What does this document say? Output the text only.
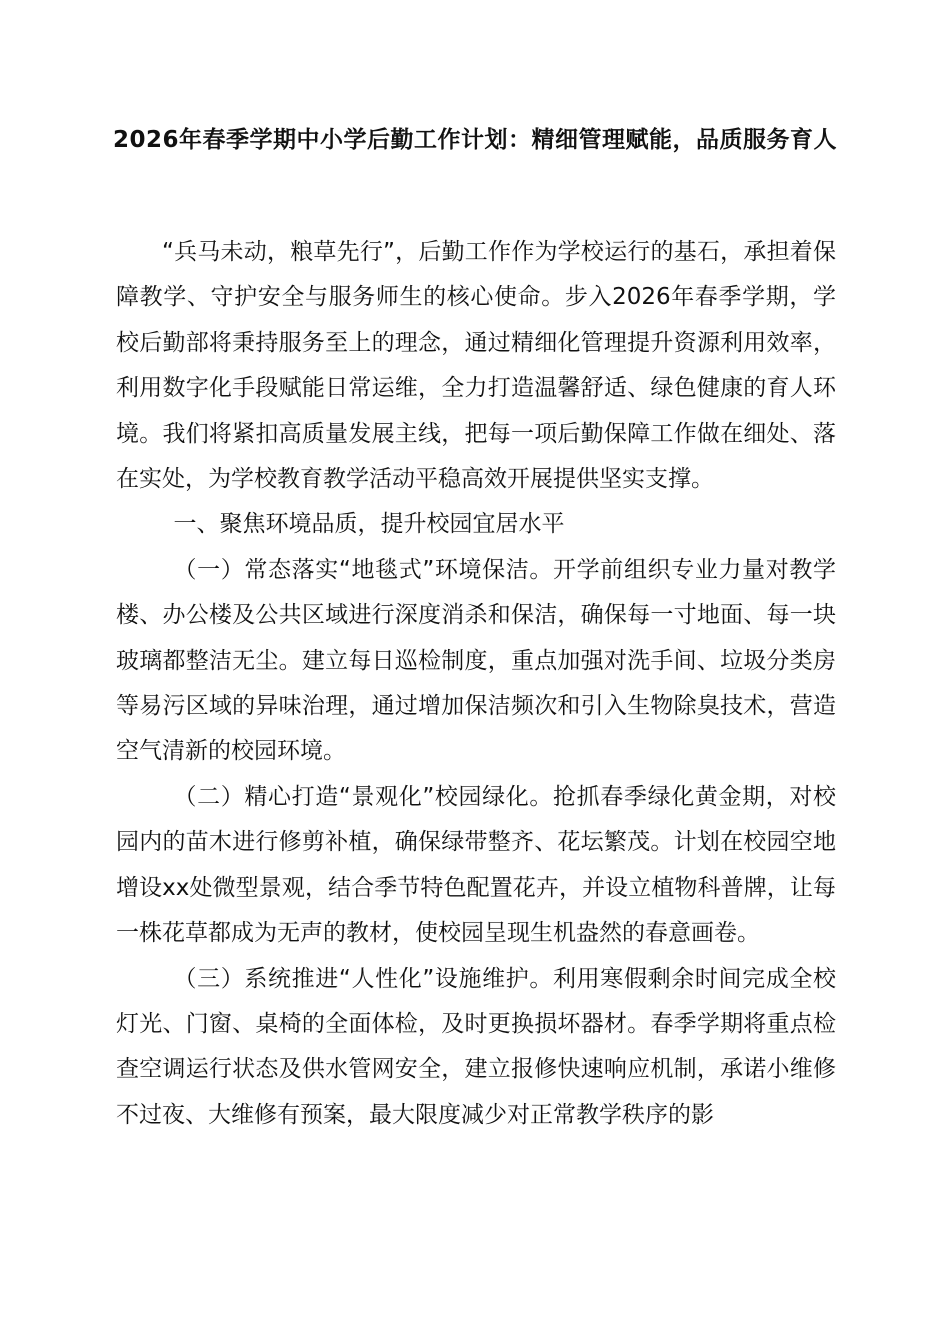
2026年春季学期中小学后勤工作计划：精细管理赋能，品质服务育人

“兵马未动，粮草先行”，后勤工作作为学校运行的基石，承担着保障教学、守护安全与服务师生的核心使命。步入2026年春季学期，学校后勤部将秉持服务至上的理念，通过精细化管理提升资源利用效率，利用数字化手段赋能日常运维，全力打造温馨舒适、绿色健康的育人环境。我们将紧扣高质量发展主线，把每一项后勤保障工作做在细处、落在实处，为学校教育教学活动平稳高效开展提供坚实支撑。

一、聚焦环境品质，提升校园宜居水平

（一）常态落实“地毯式”环境保洁。开学前组织专业力量对教学楼、办公楼及公共区域进行深度消杀和保洁，确保每一寸地面、每一块玻璃都整洁无尘。建立每日巡检制度，重点加强对洗手间、垃圾分类房等易污区域的异味治理，通过增加保洁频次和引入生物除臭技术，营造空气清新的校园环境。

（二）精心打造“景观化”校园绿化。抢抓春季绿化黄金期，对校园内的苗木进行修剪补植，确保绿带整齐、花坛繁茂。计划在校园空地增设xx处微型景观，结合季节特色配置花卉，并设立植物科普牌，让每一株花草都成为无声的教材，使校园呈现生机盎然的春意画卷。

（三）系统推进“人性化”设施维护。利用寒假剩余时间完成全校灯光、门窗、桌椅的全面体检，及时更换损坏器材。春季学期将重点检查空调运行状态及供水管网安全，建立报修快速响应机制，承诺小维修不过夜、大维修有预案，最大限度减少对正常教学秩序的影
